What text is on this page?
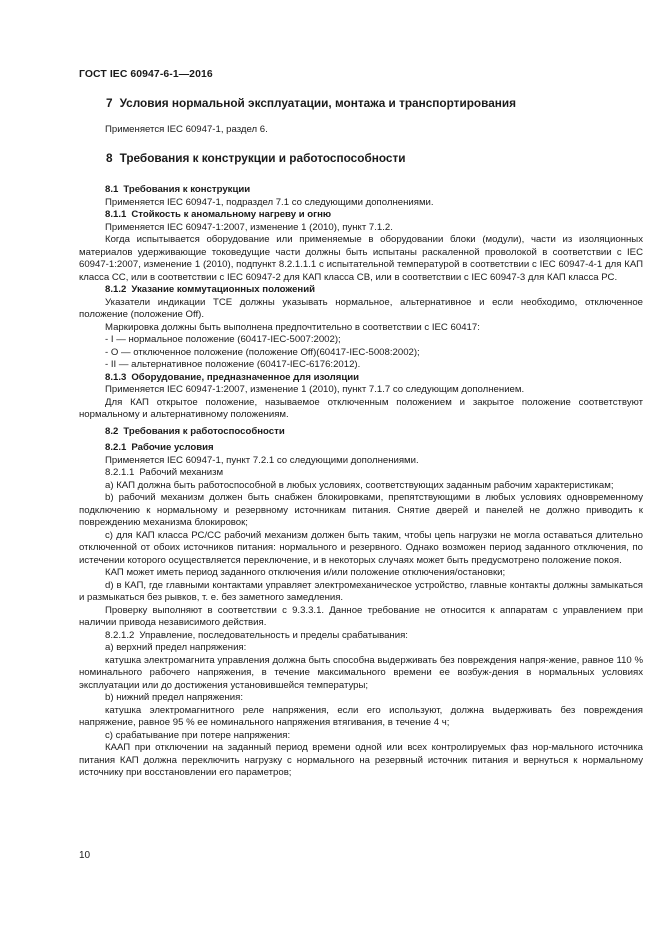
ГОСТ IEC 60947-6-1—2016
7 Условия нормальной эксплуатации, монтажа и транспортирования

Применяется IEC 60947-1, раздел 6.

8 Требования к конструкции и работоспособности

8.1 Требования к конструкции

Применяется IEC 60947-1, подраздел 7.1 со следующими дополнениями.

8.1.1 Стойкость к аномальному нагреву и огню

Применяется IEC 60947-1:2007, изменение 1 (2010), пункт 7.1.2.

Когда испытывается оборудование или применяемые в оборудовании блоки (модули), части из изоляционных материалов удерживающие токоведущие части должны быть испытаны раскаленной проволокой в соответствии с IEC 60947-1:2007, изменение 1 (2010), подпункт 8.2.1.1.1 с испытательной температурой в соответствии с IEC 60947-4-1 для КАП класса СС, или в соответствии с IEC 60947-2 для КАП класса СВ, или в соответствии с IEC 60947-3 для КАП класса РС.

8.1.2 Указание коммутационных положений

Указатели индикации ТСЕ должны указывать нормальное, альтернативное и если необходимо, отключенное положение (положение Off).

Маркировка должны быть выполнена предпочтительно в соответствии с IEC 60417:

- I — нормальное положение (60417-IEC-5007:2002);

- O — отключенное положение (положение Off)(60417-IEC-5008:2002);

- II — альтернативное положение (60417-IEC-6176:2012).

8.1.3 Оборудование, предназначенное для изоляции

Применяется IEC 60947-1:2007, изменение 1 (2010), пункт 7.1.7 со следующим дополнением.

Для КАП открытое положение, называемое отключенным положением и закрытое положение соответствуют нормальному и альтернативному положениям.

8.2 Требования к работоспособности

8.2.1 Рабочие условия

Применяется IEC 60947-1, пункт 7.2.1 со следующими дополнениями.

8.2.1.1 Рабочий механизм

а) КАП должна быть работоспособной в любых условиях, соответствующих заданным рабочим характеристикам;

b) рабочий механизм должен быть снабжен блокировками, препятствующими в любых условиях одновременному подключению к нормальному и резервному источникам питания. Снятие дверей и панелей не должно приводить к повреждению механизма блокировок;

с) для КАП класса РС/СС рабочий механизм должен быть таким, чтобы цепь нагрузки не могла оставаться длительно отключенной от обоих источников питания: нормального и резервного. Однако возможен период заданного отключения, по истечении которого осуществляется переключение, и в некоторых случаях может быть предусмотрено положение покоя.

КАП может иметь период заданного отключения и/или положение отключения/остановки;

d) в КАП, где главными контактами управляет электромеханическое устройство, главные контакты должны замыкаться и размыкаться без рывков, т. е. без заметного замедления.

Проверку выполняют в соответствии с 9.3.3.1. Данное требование не относится к аппаратам с управлением при наличии привода независимого действия.

8.2.1.2 Управление, последовательность и пределы срабатывания:

а) верхний предел напряжения:

катушка электромагнита управления должна быть способна выдерживать без повреждения напря-жение, равное 110 % номинального рабочего напряжения, в течение максимального времени ее возбуж-дения в нормальных условиях эксплуатации или до достижения установившейся температуры;

b) нижний предел напряжения:

катушка электромагнитного реле напряжения, если его используют, должна выдерживать без повреждения напряжение, равное 95 % ее номинального напряжения втягивания, в течение 4 ч;

с) срабатывание при потере напряжения:

КААП при отключении на заданный период времени одной или всех контролируемых фаз нор-мального источника питания КАП должна переключить нагрузку с нормального на резервный источник питания и вернуться к нормальному источнику при восстановлении его параметров;

10
